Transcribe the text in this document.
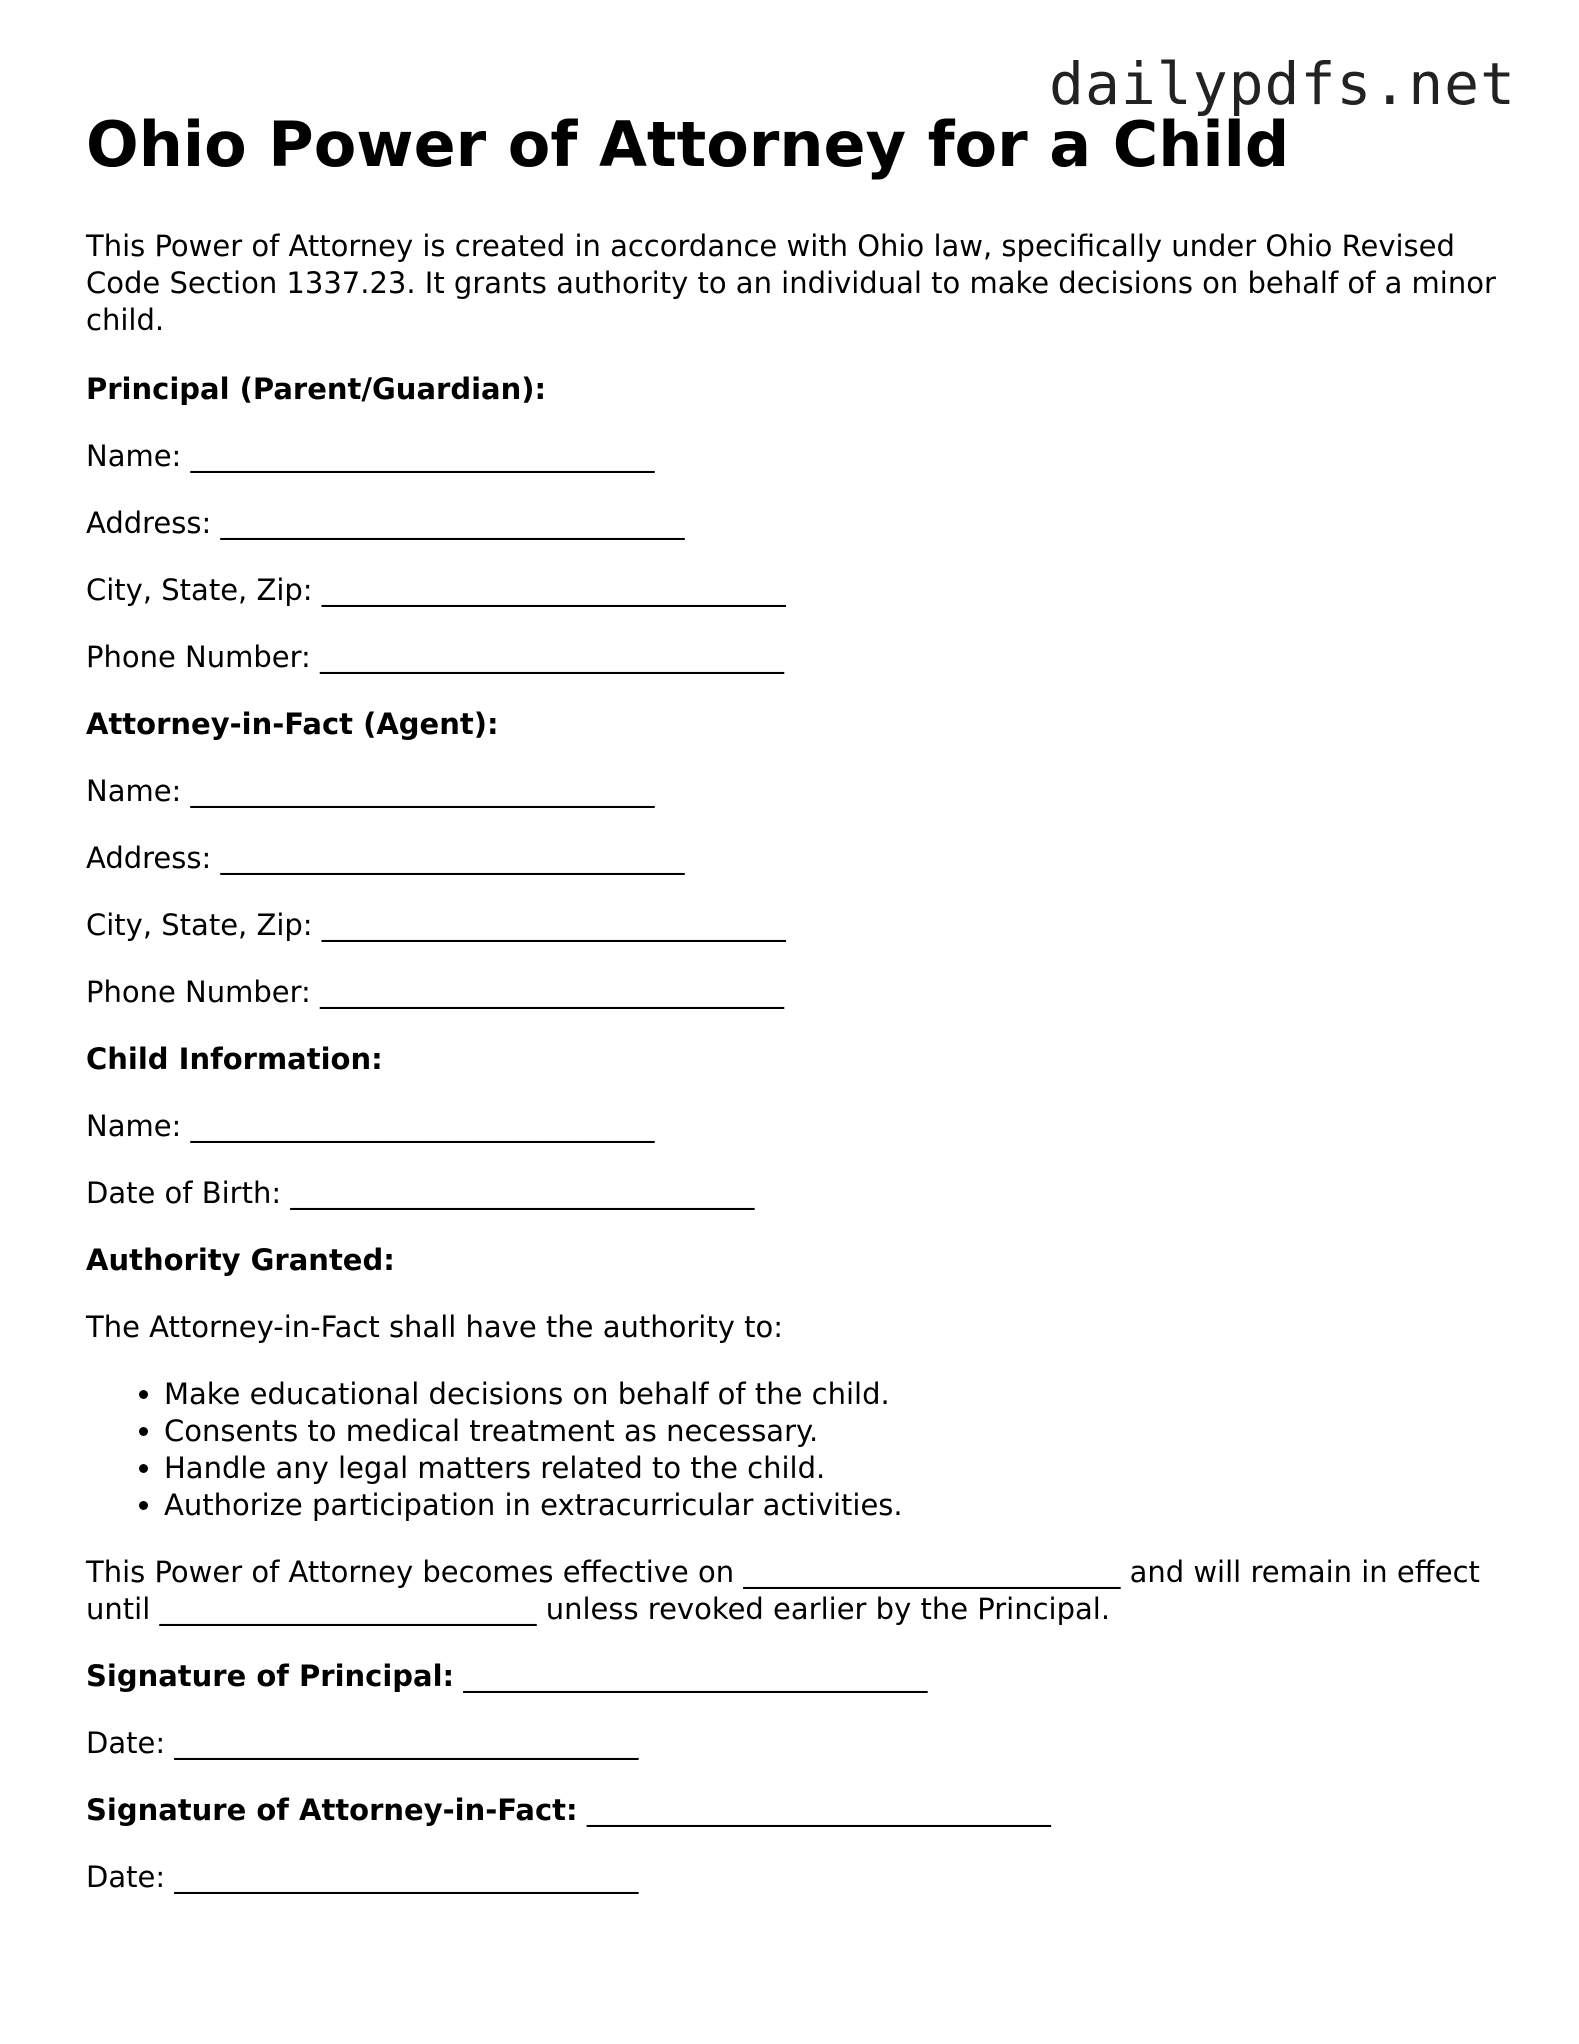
dailypdfs.net
Ohio Power of Attorney for a Child

This Power of Attorney is created in accordance with Ohio law, specifically under Ohio Revised Code Section 1337.23. It grants authority to an individual to make decisions on behalf of a minor child.

Principal (Parent/Guardian):
Name: ________________________________
Address: ________________________________
City, State, Zip: ________________________________
Phone Number: ________________________________
Attorney-in-Fact (Agent):
Name: ________________________________
Address: ________________________________
City, State, Zip: ________________________________
Phone Number: ________________________________
Child Information:
Name: ________________________________
Date of Birth: ________________________________
Authority Granted:

The Attorney-in-Fact shall have the authority to:

• Make educational decisions on behalf of the child.
• Consents to medical treatment as necessary.
• Handle any legal matters related to the child.
• Authorize participation in extracurricular activities.

This Power of Attorney becomes effective on __________________________ and will remain in effect until __________________________ unless revoked earlier by the Principal.

Signature of Principal: ________________________________
Date: ________________________________
Signature of Attorney-in-Fact: ________________________________
Date: ________________________________
